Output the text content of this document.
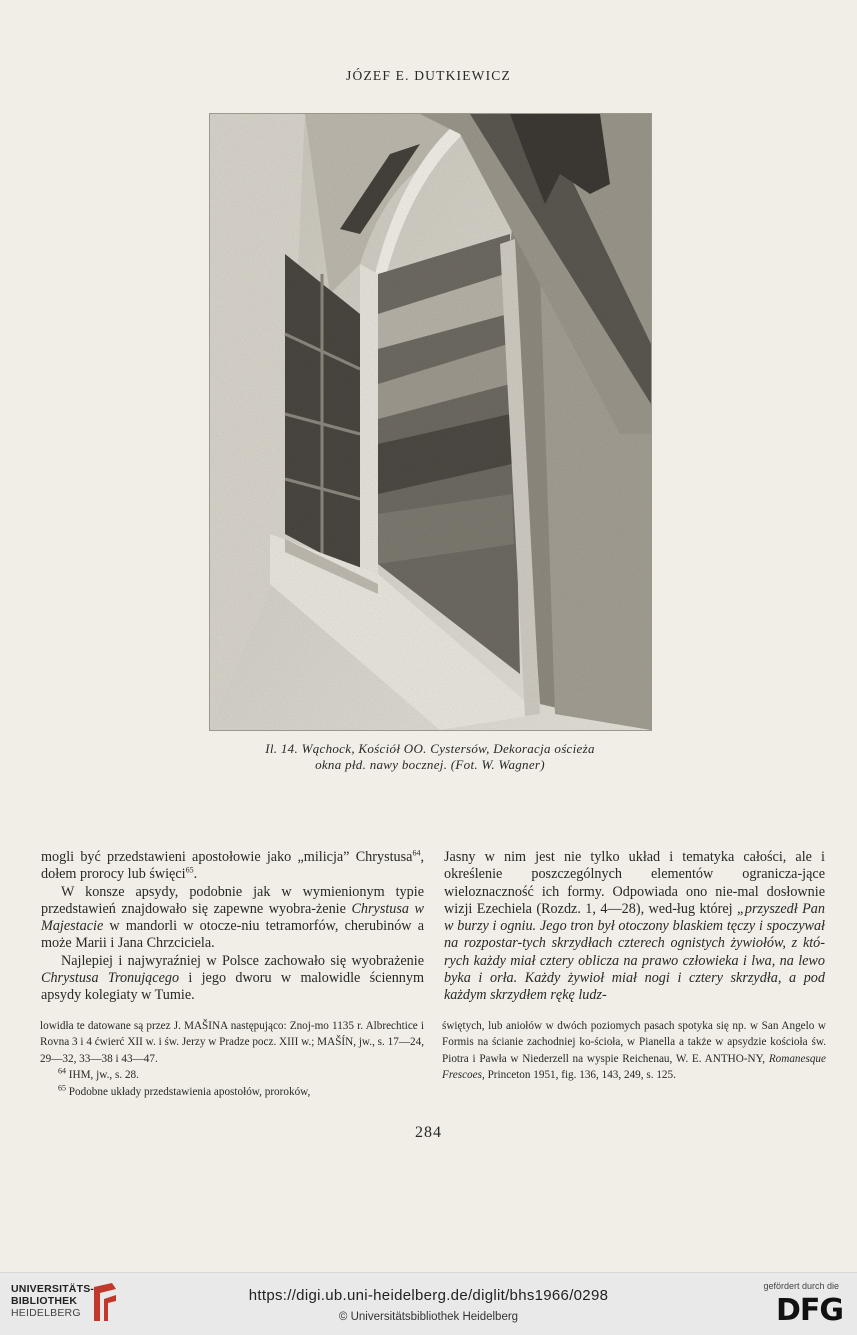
JÓZEF E. DUTKIEWICZ
Il. 14. Wąchock, Kościół OO. Cystersów, Dekoracja ościeża
okna płd. nawy bocznej. (Fot. W. Wagner)

mogli być przedstawieni apostołowie jako „milicja” Chrystusa$^{64}$, dołem prorocy lub święci$^{65}$.

W konsze apsydy, podobnie jak w wymienionym typie przedstawień znajdowało się zapewne wyobra-żenie Chrystusa w Majestacie w mandorli w otocze-niu tetramorfów, cherubinów a może Marii i Jana Chrzciciela.

Najlepiej i najwyraźniej w Polsce zachowało się wyobrażenie Chrystusa Tronującego i jego dworu w malowidle ściennym apsydy kolegiaty w Tumie.

Jasny w nim jest nie tylko układ i tematyka całości, ale i określenie poszczególnych elementów ogranicza-jące wieloznaczność ich formy. Odpowiada ono nie-mal dosłownie wizji Ezechiela (Rozdz. 1, 4—28), wed-ług której „przyszedł Pan w burzy i ogniu. Jego tron był otoczony blaskiem tęczy i spoczywał na rozpostar-tych skrzydłach czterech ognistych żywiołów, z któ-rych każdy miał cztery oblicza na prawo człowieka i lwa, na lewo byka i orła. Każdy żywioł miał nogi i cztery skrzydła, a pod każdym skrzydłem rękę ludz-

lowidła te datowane są przez J. MAŠINA następująco: Znoj-mo 1135 r. Albrechtice i Rovna 3 i 4 ćwierć XII w. i św. Jerzy w Pradze pocz. XIII w.; MAŠÍN, jw., s. 17—24, 29—32, 33—38 i 43—47.

$^{64}$ IHM, jw., s. 28.

$^{65}$ Podobne układy przedstawienia apostołów, proroków,

świętych, lub aniołów w dwóch poziomych pasach spotyka się np. w San Angelo w Formis na ścianie zachodniej ko-ścioła, w Pianella a także w apsydzie kościoła św. Piotra i Pawła w Niederzell na wyspie Reichenau, W. E. ANTHO-NY, Romanesque Frescoes, Princeton 1951, fig. 136, 143, 249, s. 125.

284
UNIVERSITÄTS-
BIBLIOTHEK
HEIDELBERG
https://digi.ub.uni-heidelberg.de/diglit/bhs1966/0298
© Universitätsbibliothek Heidelberg
gefördert durch die
DFG
